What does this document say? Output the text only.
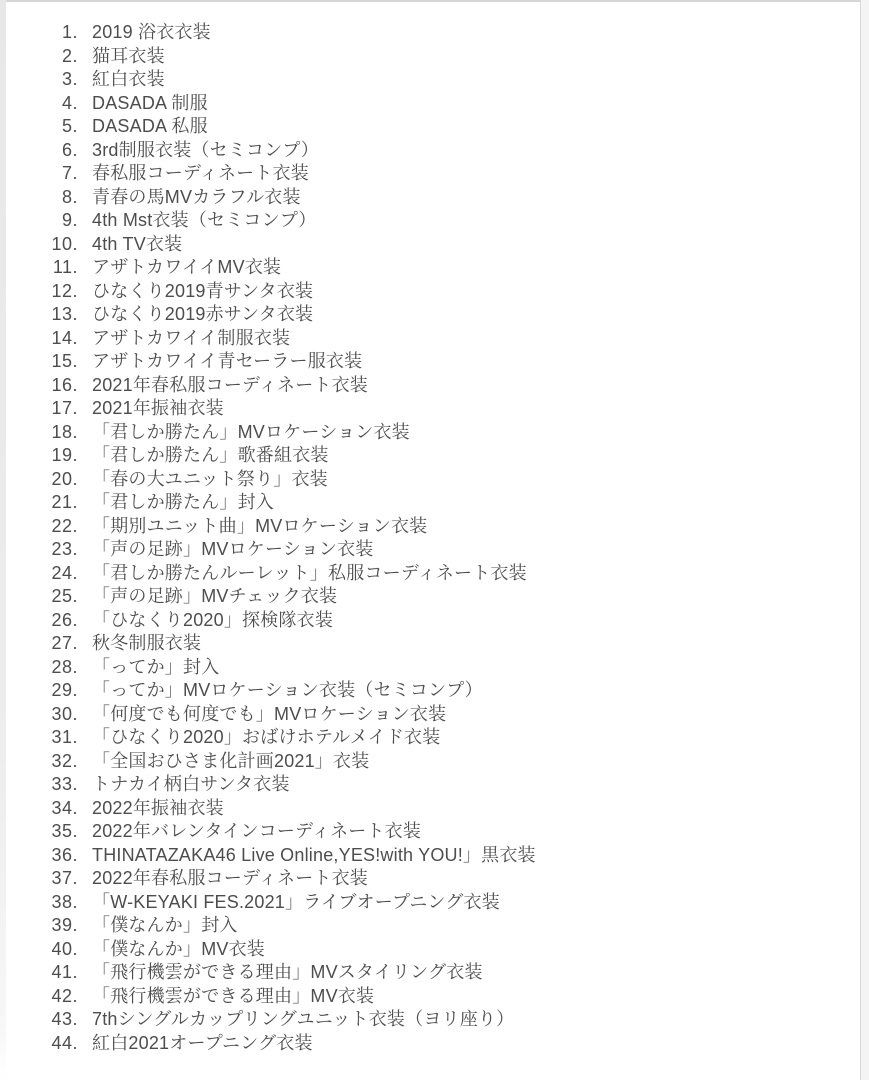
1. 2019 浴衣衣装
2. 猫耳衣装
3. 紅白衣装
4. DASADA 制服
5. DASADA 私服
6. 3rd制服衣装（セミコンプ）
7. 春私服コーディネート衣装
8. 青春の馬MVカラフル衣装
9. 4th Mst衣装（セミコンプ）
10. 4th TV衣装
11. アザトカワイイMV衣装
12. ひなくり2019青サンタ衣装
13. ひなくり2019赤サンタ衣装
14. アザトカワイイ制服衣装
15. アザトカワイイ青セーラー服衣装
16. 2021年春私服コーディネート衣装
17. 2021年振袖衣装
18. 「君しか勝たん」MVロケーション衣装
19. 「君しか勝たん」歌番組衣装
20. 「春の大ユニット祭り」衣装
21. 「君しか勝たん」封入
22. 「期別ユニット曲」MVロケーション衣装
23. 「声の足跡」MVロケーション衣装
24. 「君しか勝たんルーレット」私服コーディネート衣装
25. 「声の足跡」MVチェック衣装
26. 「ひなくり2020」探検隊衣装
27. 秋冬制服衣装
28. 「ってか」封入
29. 「ってか」MVロケーション衣装（セミコンプ）
30. 「何度でも何度でも」MVロケーション衣装
31. 「ひなくり2020」おばけホテルメイド衣装
32. 「全国おひさま化計画2021」衣装
33. トナカイ柄白サンタ衣装
34. 2022年振袖衣装
35. 2022年バレンタインコーディネート衣装
36. THINATAZAKA46 Live Online,YES!with YOU!」黒衣装
37. 2022年春私服コーディネート衣装
38. 「W-KEYAKI FES.2021」ライブオープニング衣装
39. 「僕なんか」封入
40. 「僕なんか」MV衣装
41. 「飛行機雲ができる理由」MVスタイリング衣装
42. 「飛行機雲ができる理由」MV衣装
43. 7thシングルカップリングユニット衣装（ヨリ座り）
44. 紅白2021オープニング衣装
